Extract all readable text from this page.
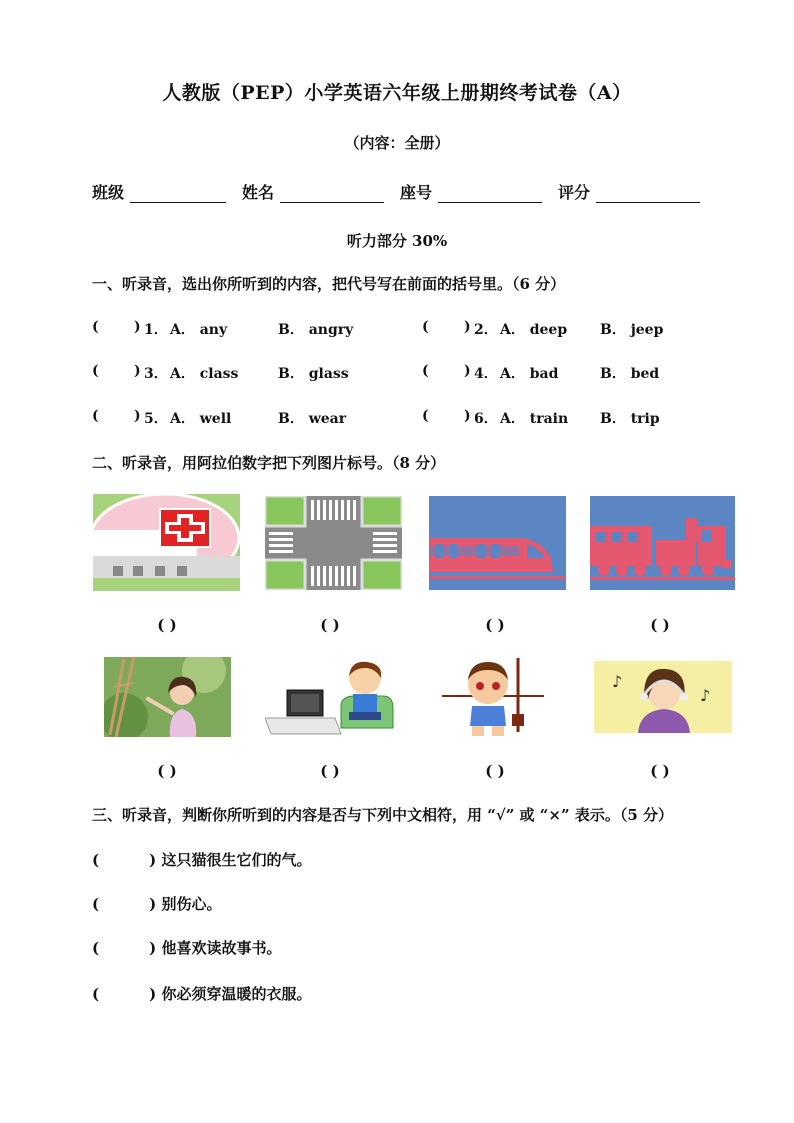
人教版（PEP）小学英语六年级上册期终考试卷（A）
（内容：全册）
班级	姓名	座号	评分
听力部分 30%
一、听录音，选出你所听到的内容，把代号写在前面的括号里。（6 分）
(	) 1． A． any	B． angry	(	) 2． A． deep B． jeep
(	) 3． A． class	B． glass	(	) 4． A． bad	B． bed
(	) 5． A． well	B． wear	(	) 6． A． train B． trip
二、听录音，用阿拉伯数字把下列图片标号。（8 分）
( )	( )	( )	( )
♪
♪
( )	( )	( )	( )
三、听录音，判断你所听到的内容是否与下列中文相符，用 “√” 或 “×” 表示。（5 分）
(	) 这只猫很生它们的气。
(	) 别伤心。
(	) 他喜欢读故事书。
(	) 你必须穿温暖的衣服。
